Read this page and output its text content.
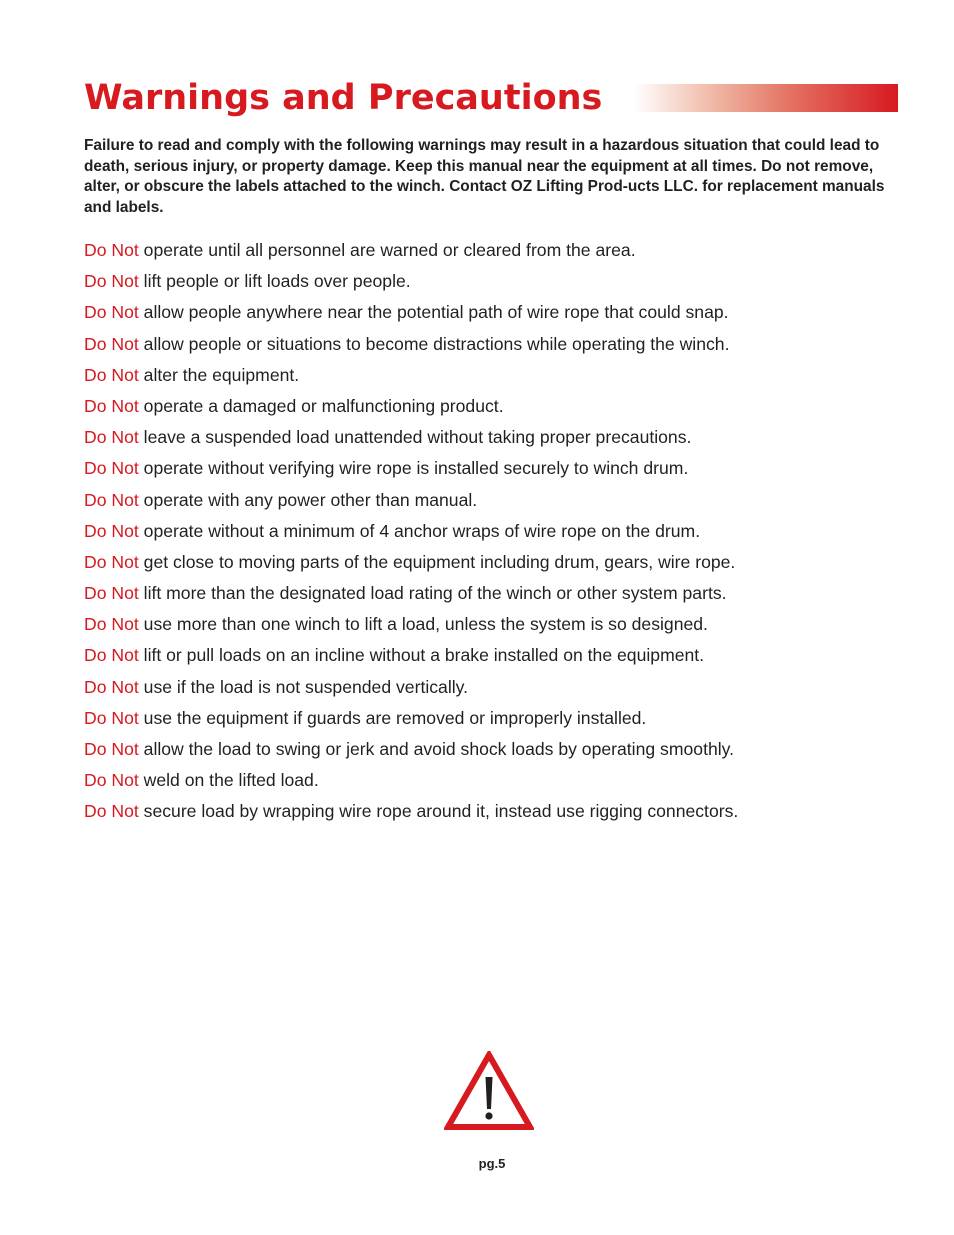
Warnings and Precautions

Failure to read and comply with the following warnings may result in a hazardous situation that could lead to death, serious injury, or property damage. Keep this manual near the equipment at all times. Do not remove, alter, or obscure the labels attached to the winch. Contact OZ Lifting Prod-ucts LLC. for replacement manuals and labels.

Do Not operate until all personnel are warned or cleared from the area.
Do Not lift people or lift loads over people.
Do Not allow people anywhere near the potential path of wire rope that could snap.
Do Not allow people or situations to become distractions while operating the winch.
Do Not alter the equipment.
Do Not operate a damaged or malfunctioning product.
Do Not leave a suspended load unattended without taking proper precautions.
Do Not operate without verifying wire rope is installed securely to winch drum.
Do Not operate with any power other than manual.
Do Not operate without a minimum of 4 anchor wraps of wire rope on the drum.
Do Not get close to moving parts of the equipment including drum, gears, wire rope.
Do Not lift more than the designated load rating of the winch or other system parts.
Do Not use more than one winch to lift a load, unless the system is so designed.
Do Not lift or pull loads on an incline without a brake installed on the equipment.
Do Not use if the load is not suspended vertically.
Do Not use the equipment if guards are removed or improperly installed.
Do Not allow the load to swing or jerk and avoid shock loads by operating smoothly.
Do Not weld on the lifted load.
Do Not secure load by wrapping wire rope around it, instead use rigging connectors.
pg.5
